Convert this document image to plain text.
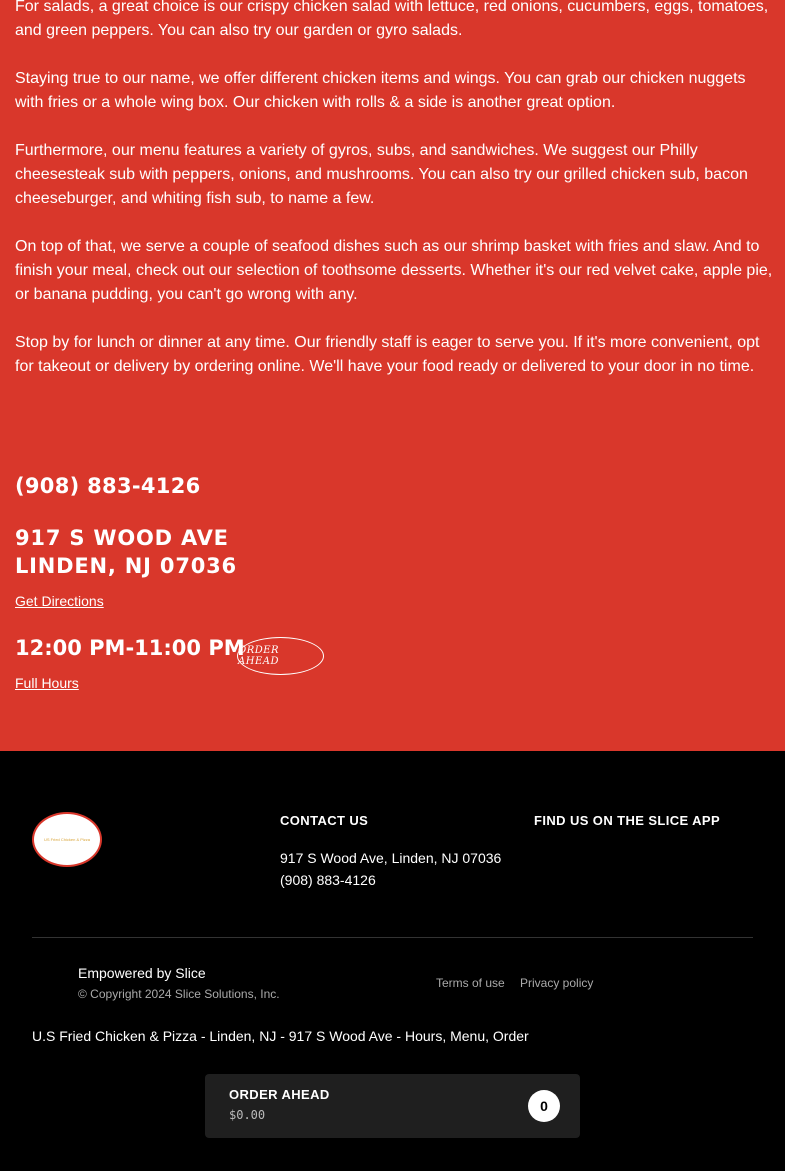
For salads, a great choice is our crispy chicken salad with lettuce, red onions, cucumbers, eggs, tomatoes, and green peppers. You can also try our garden or gyro salads.

Staying true to our name, we offer different chicken items and wings. You can grab our chicken nuggets with fries or a whole wing box. Our chicken with rolls & a side is another great option.

Furthermore, our menu features a variety of gyros, subs, and sandwiches. We suggest our Philly cheesesteak sub with peppers, onions, and mushrooms. You can also try our grilled chicken sub, bacon cheeseburger, and whiting fish sub, to name a few.

On top of that, we serve a couple of seafood dishes such as our shrimp basket with fries and slaw. And to finish your meal, check out our selection of toothsome desserts. Whether it's our red velvet cake, apple pie, or banana pudding, you can't go wrong with any.

Stop by for lunch or dinner at any time. Our friendly staff is eager to serve you. If it's more convenient, opt for takeout or delivery by ordering online. We'll have your food ready or delivered to your door in no time.

(908) 883-4126
917 S WOOD AVE
LINDEN, NJ 07036
Get Directions
12:00 PM-11:00 PM
ORDER AHEAD
Full Hours
US Fried Chicken & Pizza
CONTACT US
917 S Wood Ave, Linden, NJ 07036
(908) 883-4126
FIND US ON THE SLICE APP
Empowered by Slice
© Copyright 2024 Slice Solutions, Inc.
Terms of use Privacy policy
U.S Fried Chicken & Pizza - Linden, NJ - 917 S Wood Ave - Hours, Menu, Order
ORDER AHEAD
$0.00
0
